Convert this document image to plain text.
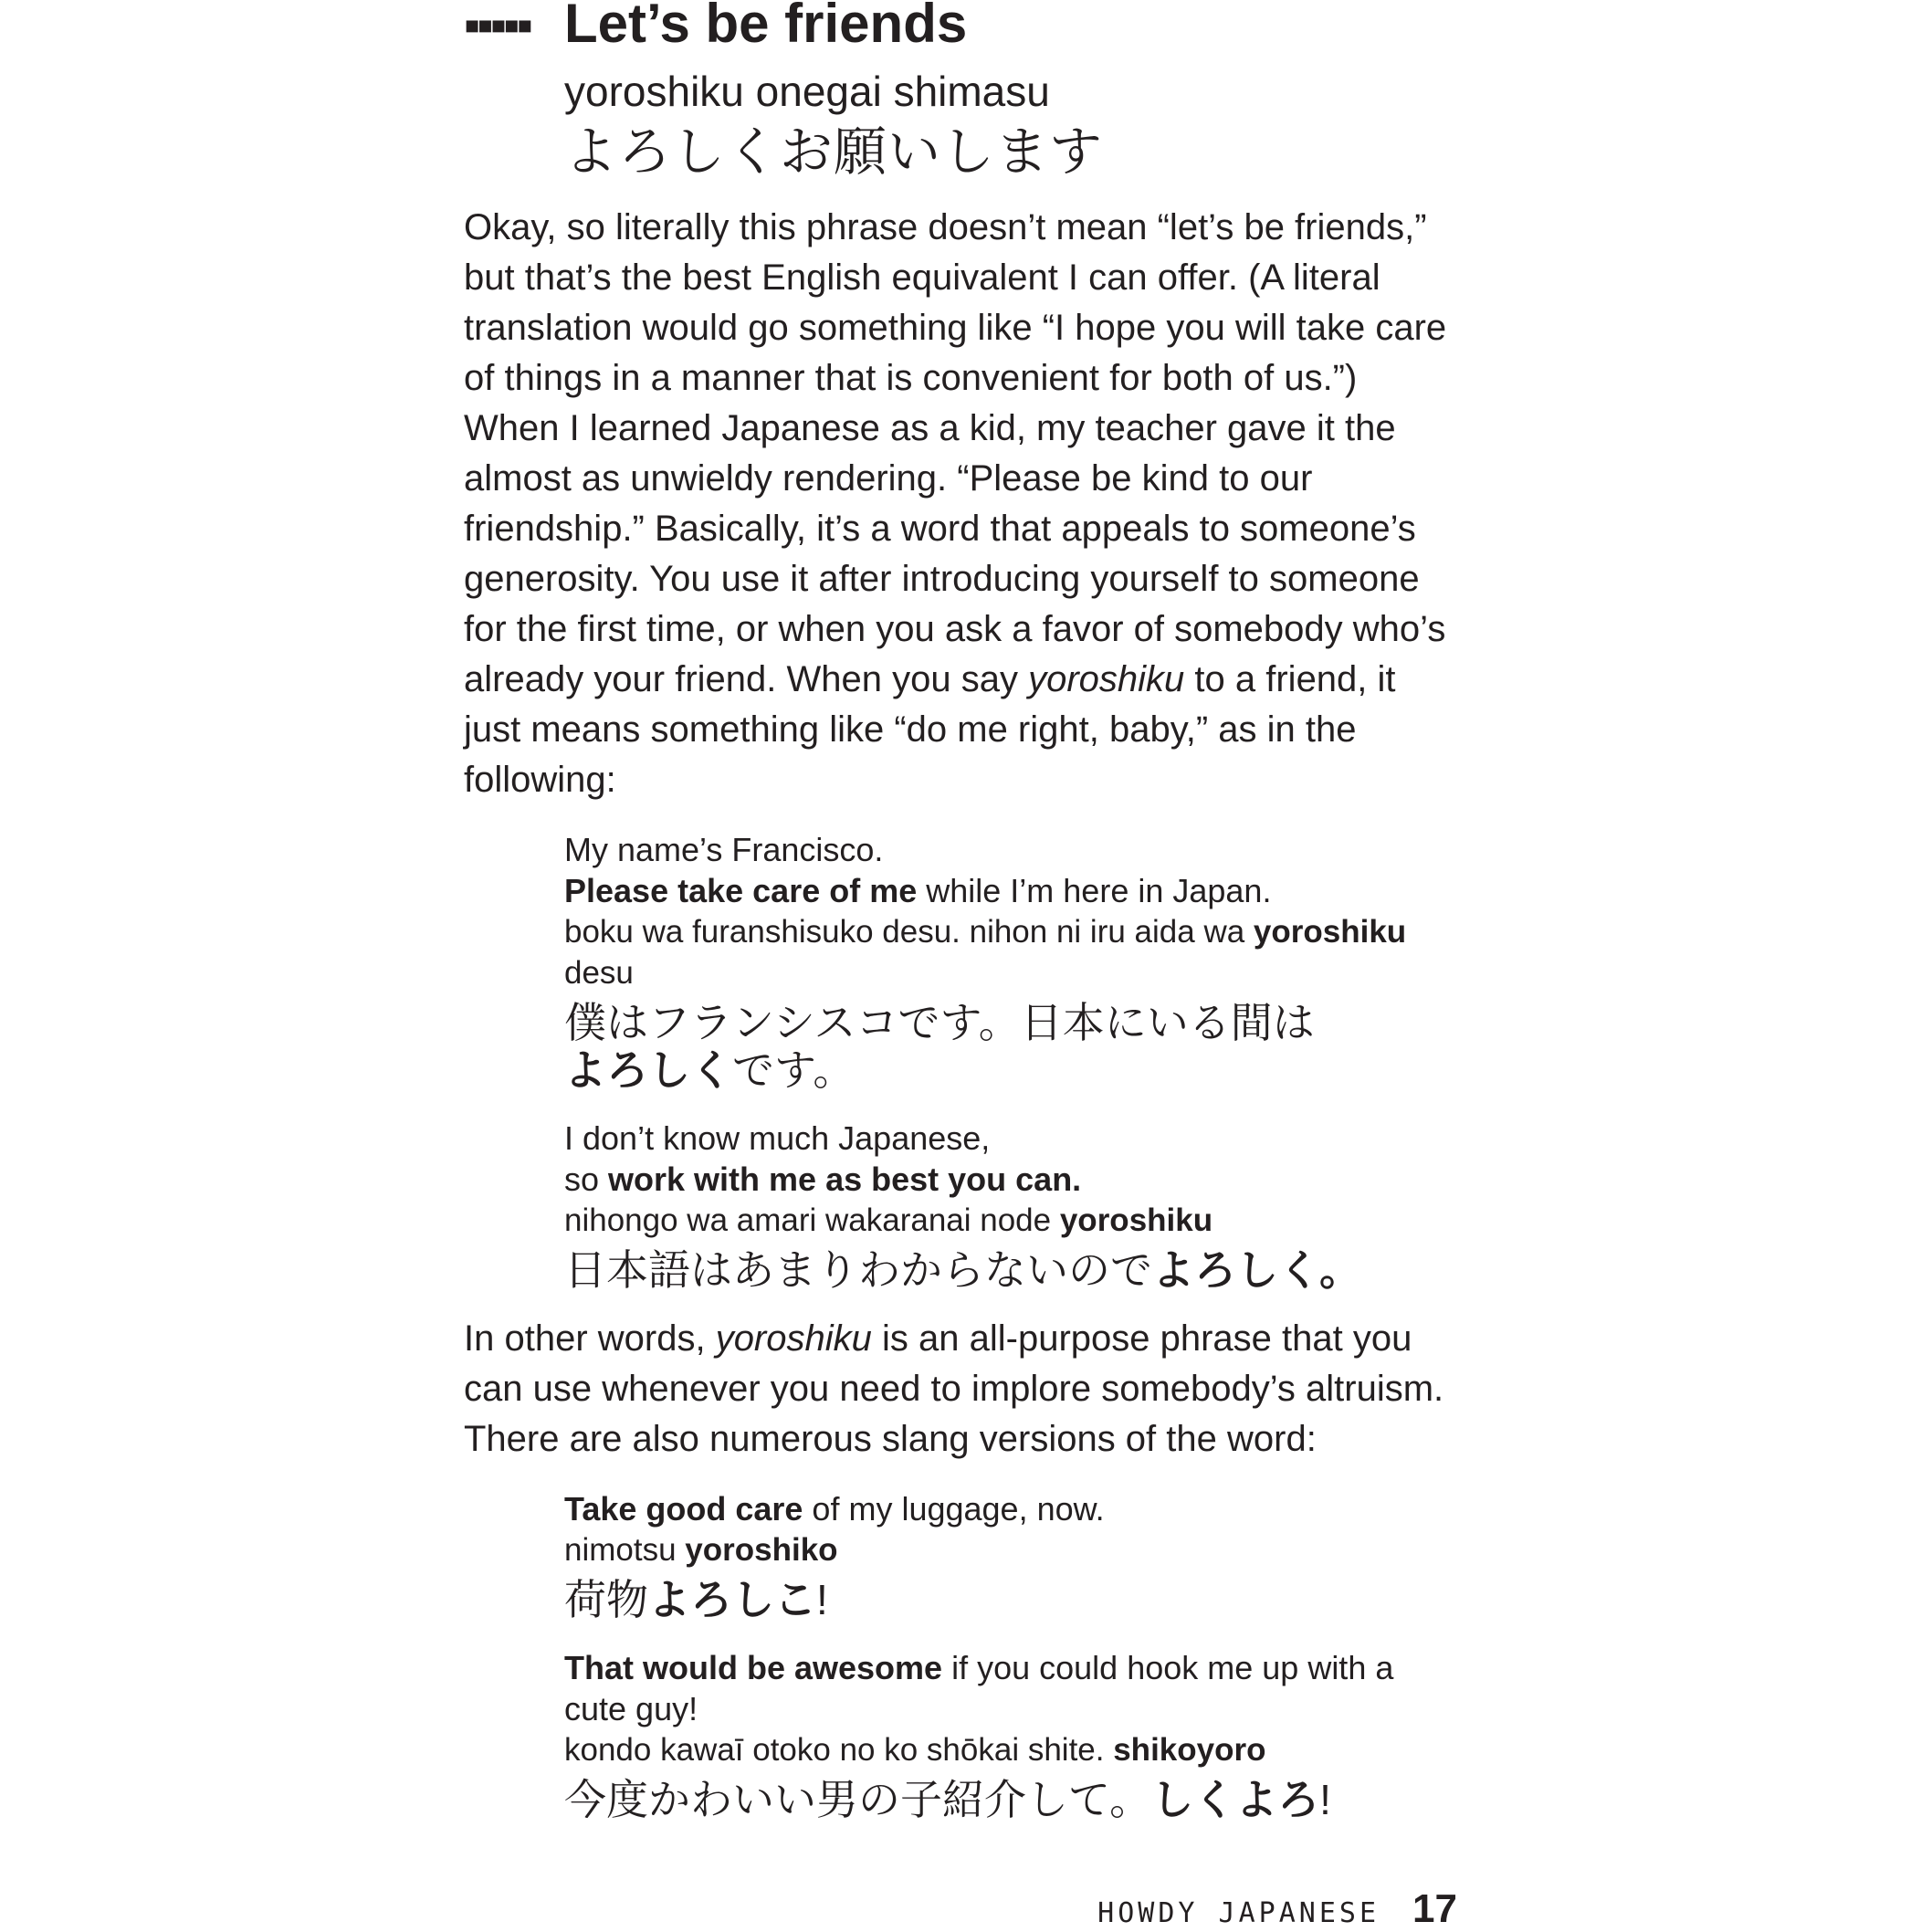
▪▪▪▪▪ Let’s be friends
yoroshiku onegai shimasu
よろしくお願いします
Okay, so literally this phrase doesn’t mean “let’s be friends,” but that’s the best English equivalent I can offer. (A literal translation would go something like “I hope you will take care of things in a manner that is convenient for both of us.”) When I learned Japanese as a kid, my teacher gave it the almost as unwieldy rendering. “Please be kind to our friendship.” Basically, it’s a word that appeals to someone’s generosity. You use it after introducing yourself to someone for the first time, or when you ask a favor of somebody who’s already your friend. When you say yoroshiku to a friend, it just means something like “do me right, baby,” as in the following:
My name’s Francisco.
Please take care of me while I’m here in Japan.
boku wa furanshisuko desu. nihon ni iru aida wa yoroshiku desu
僕はフランシスコです。日本にいる間は
よろしくです。
I don’t know much Japanese,
so work with me as best you can.
nihongo wa amari wakaranai node yoroshiku
日本語はあまりわからないのでよろしく。
In other words, yoroshiku is an all-purpose phrase that you can use whenever you need to implore somebody’s altruism. There are also numerous slang versions of the word:
Take good care of my luggage, now.
nimotsu yoroshiko
荷物よろしこ!
That would be awesome if you could hook me up with a cute guy!
kondo kawaī otoko no ko shōkai shite. shikoyoro
今度かわいい男の子紹介して。しくよろ!
HOWDY JAPANESE 17
